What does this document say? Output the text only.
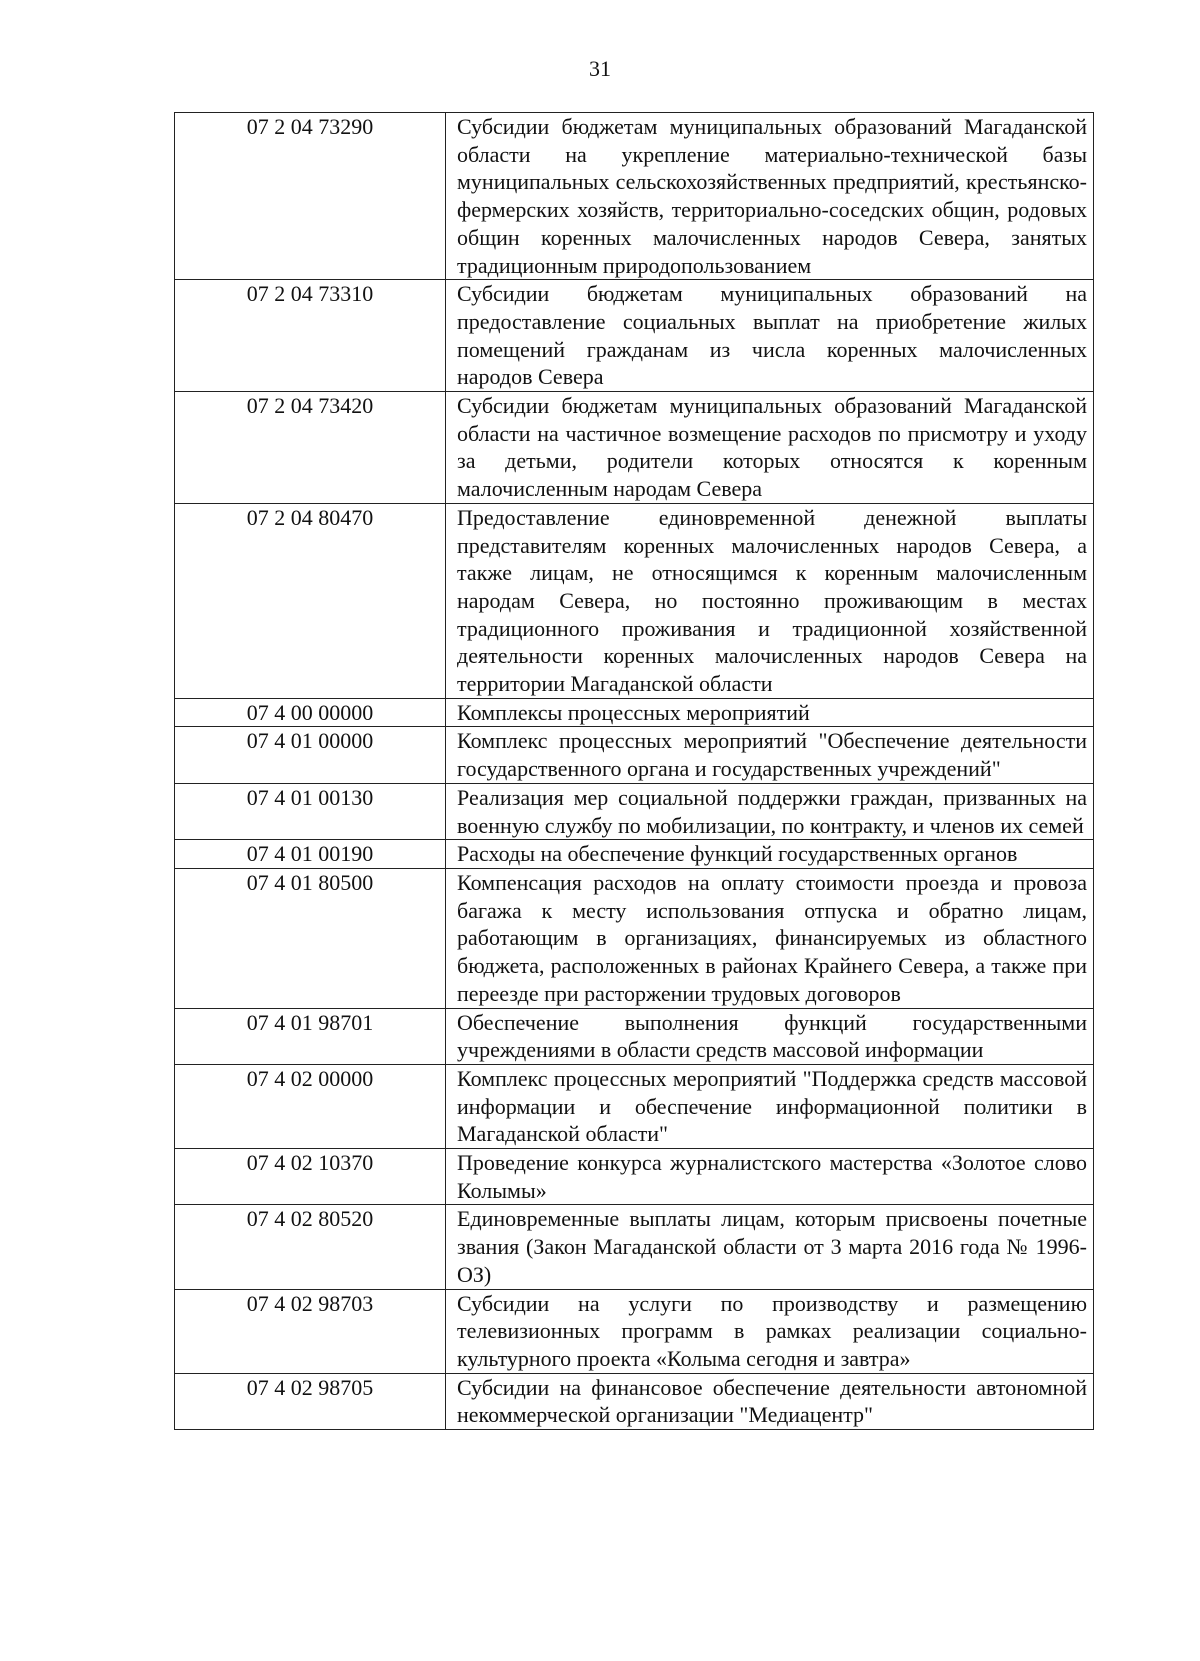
31
07 2 04 73290	Субсидии бюджетам муниципальных образований Магаданской области на укрепление материально-технической базы муниципальных сельскохозяйственных предприятий, крестьянско-фермерских хозяйств, территориально-соседских общин, родовых общин коренных малочисленных народов Севера, занятых традиционным природопользованием
07 2 04 73310	Субсидии бюджетам муниципальных образований на предоставление социальных выплат на приобретение жилых помещений гражданам из числа коренных малочисленных народов Севера
07 2 04 73420	Субсидии бюджетам муниципальных образований Магаданской области на частичное возмещение расходов по присмотру и уходу за детьми, родители которых относятся к коренным малочисленным народам Севера
07 2 04 80470	Предоставление единовременной денежной выплаты представителям коренных малочисленных народов Севера, а также лицам, не относящимся к коренным малочисленным народам Севера, но постоянно проживающим в местах традиционного проживания и традиционной хозяйственной деятельности коренных малочисленных народов Севера на территории Магаданской области
07 4 00 00000	Комплексы процессных мероприятий
07 4 01 00000	Комплекс процессных мероприятий "Обеспечение деятельности государственного органа и государственных учреждений"
07 4 01 00130	Реализация мер социальной поддержки граждан, призванных на военную службу по мобилизации, по контракту, и членов их семей
07 4 01 00190	Расходы на обеспечение функций государственных органов
07 4 01 80500	Компенсация расходов на оплату стоимости проезда и провоза багажа к месту использования отпуска и обратно лицам, работающим в организациях, финансируемых из областного бюджета, расположенных в районах Крайнего Севера, а также при переезде при расторжении трудовых договоров
07 4 01 98701	Обеспечение выполнения функций государственными учреждениями в области средств массовой информации
07 4 02 00000	Комплекс процессных мероприятий "Поддержка средств массовой информации и обеспечение информационной политики в Магаданской области"
07 4 02 10370	Проведение конкурса журналистского мастерства «Золотое слово Колымы»
07 4 02 80520	Единовременные выплаты лицам, которым присвоены почетные звания (Закон Магаданской области от 3 марта 2016 года № 1996-ОЗ)
07 4 02 98703	Субсидии на услуги по производству и размещению телевизионных программ в рамках реализации социально-культурного проекта «Колыма сегодня и завтра»
07 4 02 98705	Субсидии на финансовое обеспечение деятельности автономной некоммерческой организации "Медиацентр"
